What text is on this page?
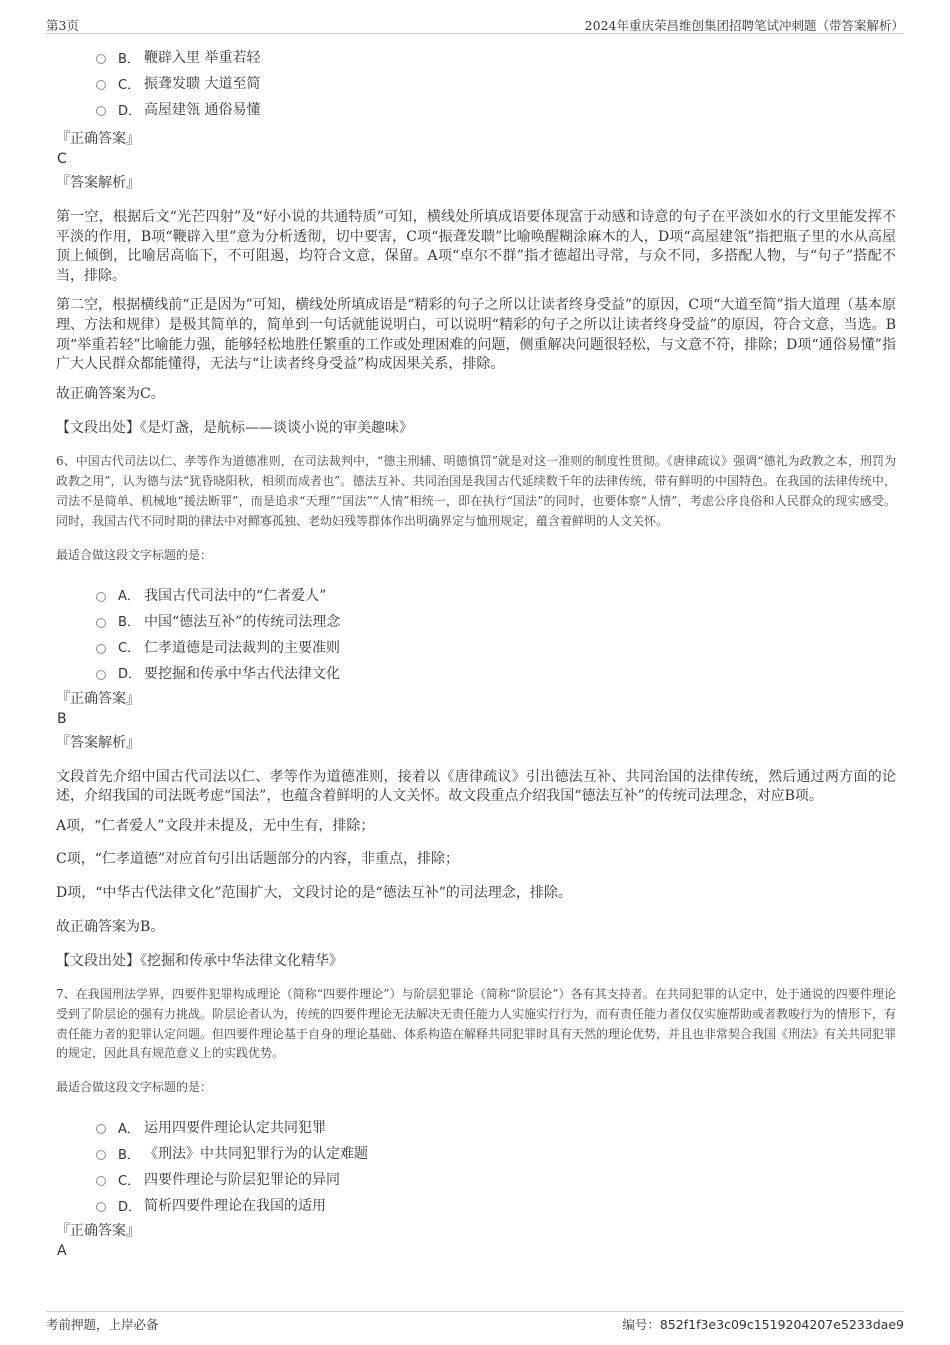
第3页	2024年重庆荣昌维创集团招聘笔试冲刺题（带答案解析）
B． 鞭辟入里 举重若轻
C． 振聋发聩 大道至简
D． 高屋建瓴 通俗易懂
『正确答案』
C
『答案解析』

第一空，根据后文“光芒四射”及“好小说的共通特质”可知，横线处所填成语要体现富于动感和诗意的句子在平淡如水的行文里能发挥不平淡的作用，B项“鞭辟入里”意为分析透彻，切中要害，C项“振聋发聩”比喻唤醒糊涂麻木的人，D项“高屋建瓴”指把瓶子里的水从高屋顶上倾倒，比喻居高临下，不可阻遏，均符合文意，保留。A项“卓尔不群”指才德超出寻常，与众不同，多搭配人物，与“句子”搭配不当，排除。

第二空，根据横线前“正是因为”可知，横线处所填成语是“精彩的句子之所以让读者终身受益”的原因，C项“大道至简”指大道理（基本原理、方法和规律）是极其简单的，简单到一句话就能说明白，可以说明“精彩的句子之所以让读者终身受益”的原因，符合文意，当选。B项“举重若轻”比喻能力强，能够轻松地胜任繁重的工作或处理困难的问题，侧重解决问题很轻松，与文意不符，排除；D项“通俗易懂”指广大人民群众都能懂得，无法与“让读者终身受益”构成因果关系，排除。

故正确答案为C。

【文段出处】《是灯盏，是航标——谈谈小说的审美趣味》

6、中国古代司法以仁、孝等作为道德准则，在司法裁判中，“德主刑辅、明德慎罚”就是对这一准则的制度性贯彻。《唐律疏议》强调“德礼为政教之本，刑罚为政教之用”，认为德与法“犹昏晓阳秋，相须而成者也”。德法互补、共同治国是我国古代延续数千年的法律传统，带有鲜明的中国特色。在我国的法律传统中，司法不是简单、机械地“援法断罪”，而是追求“天理”“国法”“人情”相统一，即在执行“国法”的同时，也要体察“人情”，考虑公序良俗和人民群众的现实感受。同时，我国古代不同时期的律法中对鳏寡孤独、老幼妇残等群体作出明确界定与恤刑规定，蕴含着鲜明的人文关怀。

最适合做这段文字标题的是：
A． 我国古代司法中的“仁者爱人”
B． 中国“德法互补”的传统司法理念
C． 仁孝道德是司法裁判的主要准则
D． 要挖掘和传承中华古代法律文化
『正确答案』
B
『答案解析』

文段首先介绍中国古代司法以仁、孝等作为道德准则，接着以《唐律疏议》引出德法互补、共同治国的法律传统，然后通过两方面的论述，介绍我国的司法既考虑“国法”，也蕴含着鲜明的人文关怀。故文段重点介绍我国“德法互补”的传统司法理念，对应B项。

A项，“仁者爱人”文段并未提及，无中生有，排除；

C项，“仁孝道德”对应首句引出话题部分的内容，非重点，排除；

D项，“中华古代法律文化”范围扩大，文段讨论的是“德法互补”的司法理念，排除。

故正确答案为B。

【文段出处】《挖掘和传承中华法律文化精华》

7、在我国刑法学界，四要件犯罪构成理论（简称“四要件理论”）与阶层犯罪论（简称“阶层论”）各有其支持者。在共同犯罪的认定中，处于通说的四要件理论受到了阶层论的强有力挑战。阶层论者认为，传统的四要件理论无法解决无责任能力人实施实行行为，而有责任能力者仅仅实施帮助或者教唆行为的情形下，有责任能力者的犯罪认定问题。但四要件理论基于自身的理论基础、体系构造在解释共同犯罪时具有天然的理论优势，并且也非常契合我国《刑法》有关共同犯罪的规定，因此具有规范意义上的实践优势。

最适合做这段文字标题的是：
A． 运用四要件理论认定共同犯罪
B． 《刑法》中共同犯罪行为的认定难题
C． 四要件理论与阶层犯罪论的异同
D． 简析四要件理论在我国的适用
『正确答案』
A
考前押题，上岸必备	编号：852f1f3e3c09c1519204207e5233dae9
